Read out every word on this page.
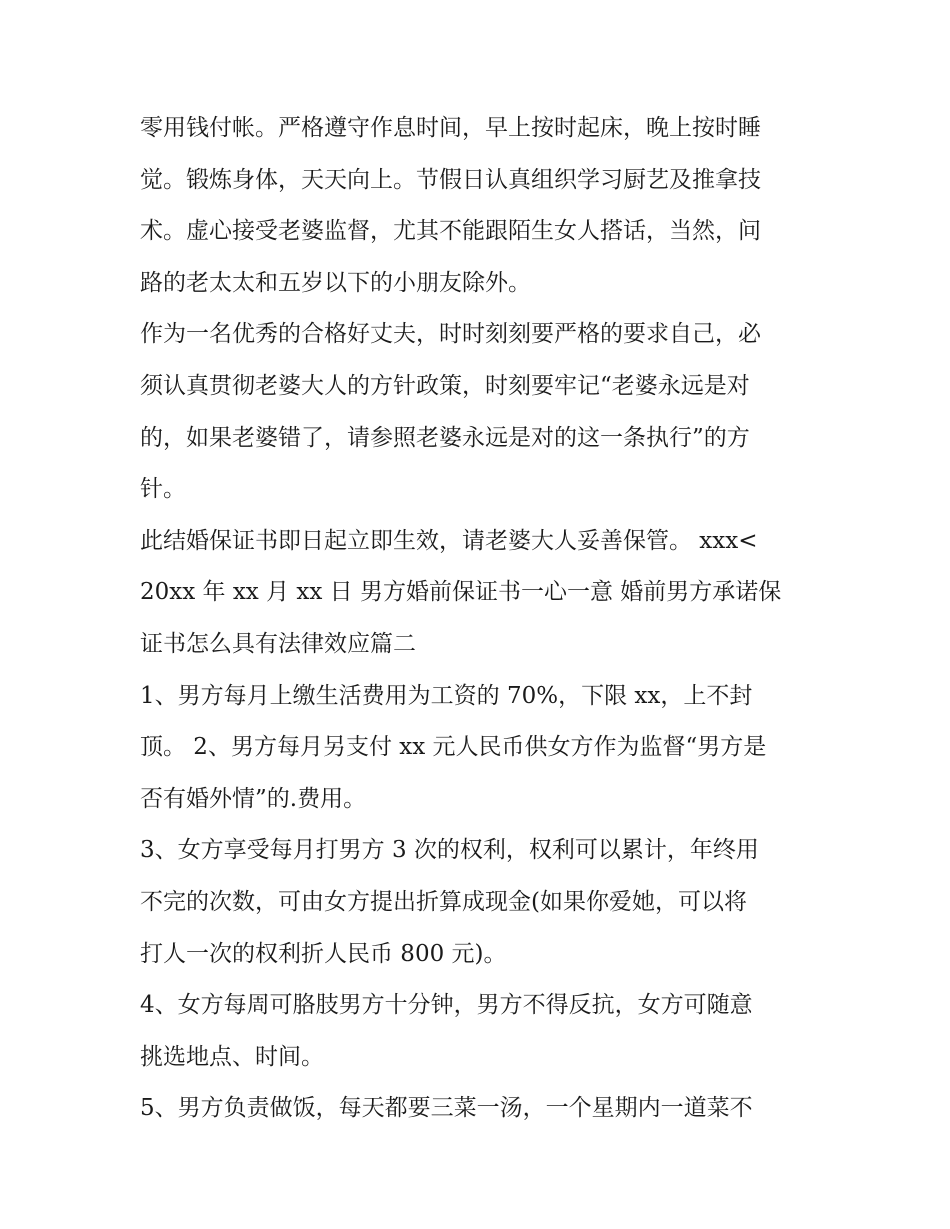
零用钱付帐。严格遵守作息时间，早上按时起床，晚上按时睡
觉。锻炼身体，天天向上。节假日认真组织学习厨艺及推拿技
术。虚心接受老婆监督，尤其不能跟陌生女人搭话，当然，问
路的老太太和五岁以下的小朋友除外。
作为一名优秀的合格好丈夫，时时刻刻要严格的要求自己，必
须认真贯彻老婆大人的方针政策，时刻要牢记“老婆永远是对
的，如果老婆错了，请参照老婆永远是对的这一条执行”的方
针。
此结婚保证书即日起立即生效，请老婆大人妥善保管。 xxx<
20xx 年 xx 月 xx 日 男方婚前保证书一心一意 婚前男方承诺保
证书怎么具有法律效应篇二
1、男方每月上缴生活费用为工资的 70%，下限 xx，上不封
顶。 2、男方每月另支付 xx 元人民币供女方作为监督“男方是
否有婚外情”的.费用。
3、女方享受每月打男方 3 次的权利，权利可以累计，年终用
不完的次数，可由女方提出折算成现金(如果你爱她，可以将
打人一次的权利折人民币 800 元)。
4、女方每周可胳肢男方十分钟，男方不得反抗，女方可随意
挑选地点、时间。
5、男方负责做饭，每天都要三菜一汤，一个星期内一道菜不
